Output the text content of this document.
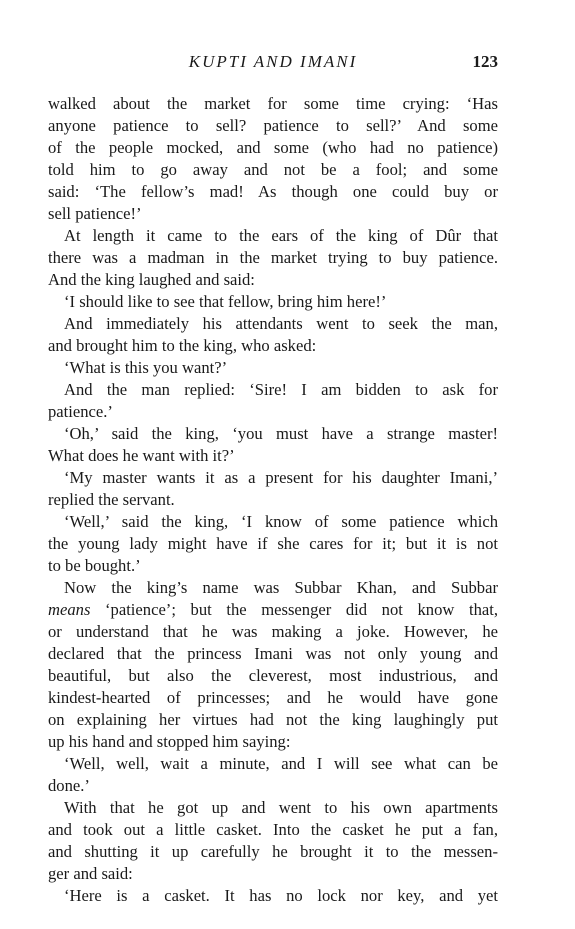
KUPTI AND IMANI	123
walked about the market for some time crying: ‘Has
anyone patience to sell? patience to sell?’ And some
of the people mocked, and some (who had no patience)
told him to go away and not be a fool; and some
said: ‘The fellow’s mad! As though one could buy or
sell patience!’
At length it came to the ears of the king of Dûr that
there was a madman in the market trying to buy patience.
And the king laughed and said:
‘I should like to see that fellow, bring him here!’
And immediately his attendants went to seek the man,
and brought him to the king, who asked:
‘What is this you want?’
And the man replied: ‘Sire! I am bidden to ask for
patience.’
‘Oh,’ said the king, ‘you must have a strange master!
What does he want with it?’
‘My master wants it as a present for his daughter Imani,’
replied the servant.
‘Well,’ said the king, ‘I know of some patience which
the young lady might have if she cares for it; but it is not
to be bought.’
Now the king’s name was Subbar Khan, and Subbar
means ‘patience’; but the messenger did not know that,
or understand that he was making a joke. However, he
declared that the princess Imani was not only young and
beautiful, but also the cleverest, most industrious, and
kindest-hearted of princesses; and he would have gone
on explaining her virtues had not the king laughingly put
up his hand and stopped him saying:
‘Well, well, wait a minute, and I will see what can be
done.’
With that he got up and went to his own apartments
and took out a little casket. Into the casket he put a fan,
and shutting it up carefully he brought it to the messen-
ger and said:
‘Here is a casket. It has no lock nor key, and yet
